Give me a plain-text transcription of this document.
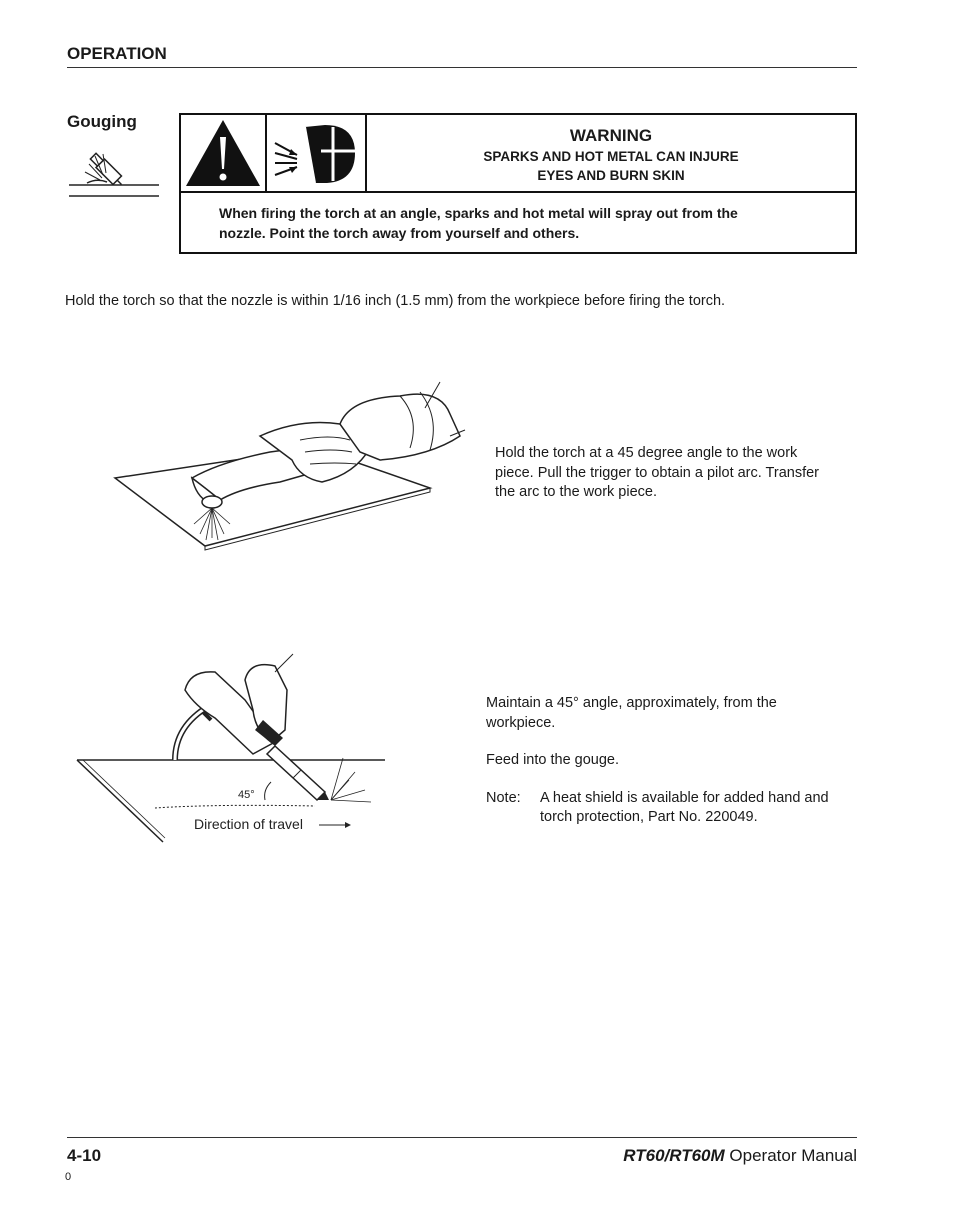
OPERATION
Gouging
WARNING
SPARKS AND HOT METAL CAN INJURE
EYES AND BURN SKIN
When firing the torch at an angle, sparks and hot metal will spray out from the
nozzle. Point the torch away from yourself and others.
Hold the torch so that the nozzle is within 1/16 inch (1.5 mm) from the workpiece before firing the torch.
Hold the torch at a 45 degree angle to the work
piece. Pull the trigger to obtain a pilot arc. Transfer
the arc to the work piece.
45°
Direction of travel
Maintain a 45° angle, approximately, from the
workpiece.
Feed into the gouge.
Note: A heat shield is available for added hand and
torch protection, Part No. 220049.
4-10	RT60/RT60M Operator Manual
0
